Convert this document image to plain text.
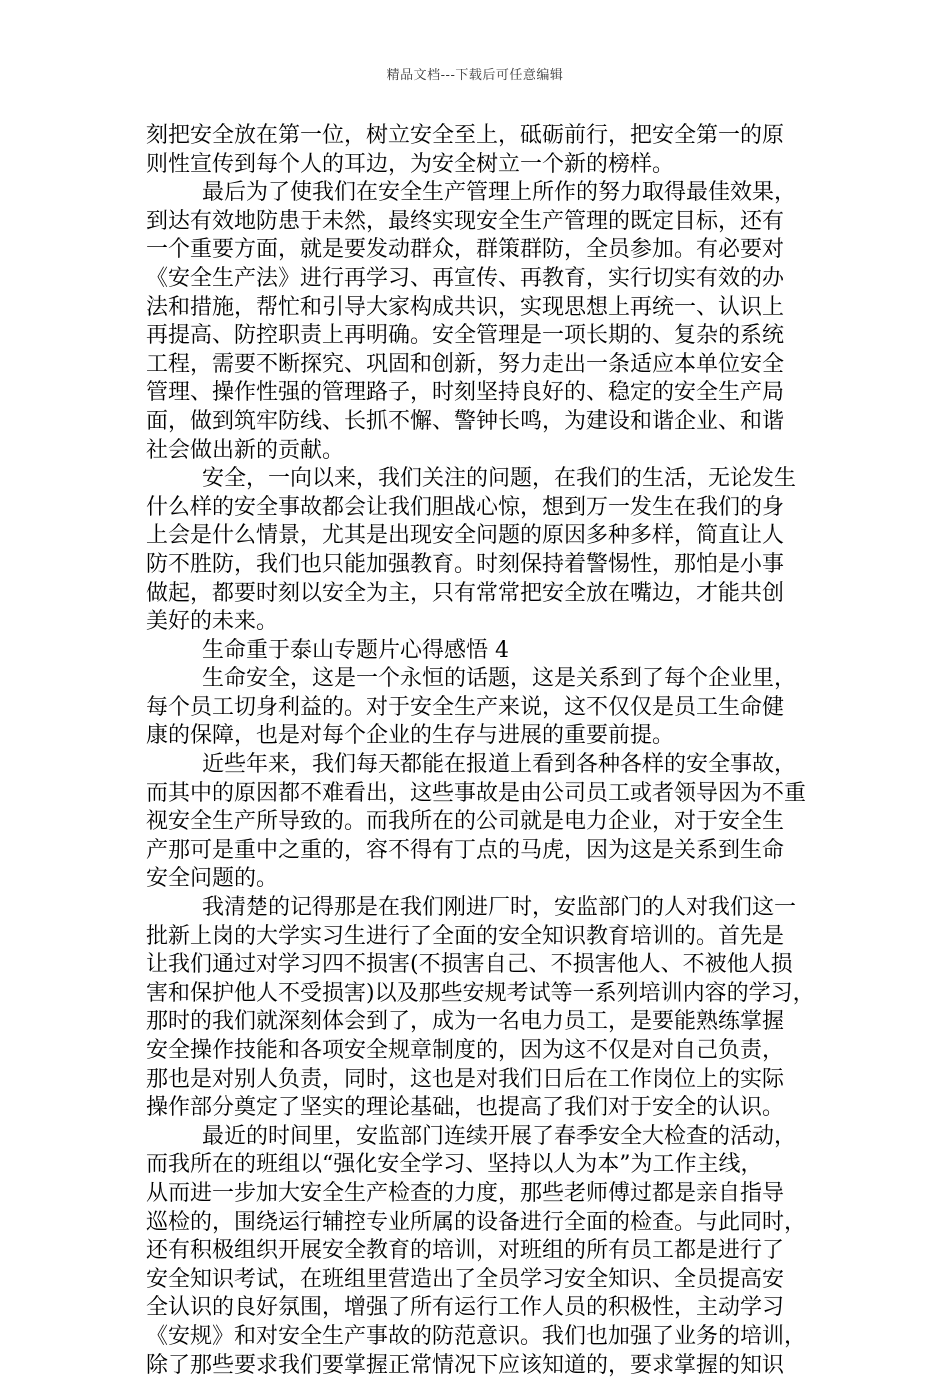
精品文档---下载后可任意编辑
刻把安全放在第一位，树立安全至上，砥砺前行，把安全第一的原
则性宣传到每个人的耳边，为安全树立一个新的榜样。
最后为了使我们在安全生产管理上所作的努力取得最佳效果，
到达有效地防患于未然，最终实现安全生产管理的既定目标，还有
一个重要方面，就是要发动群众，群策群防，全员参加。有必要对
《安全生产法》进行再学习、再宣传、再教育，实行切实有效的办
法和措施，帮忙和引导大家构成共识，实现思想上再统一、认识上
再提高、防控职责上再明确。安全管理是一项长期的、复杂的系统
工程，需要不断探究、巩固和创新，努力走出一条适应本单位安全
管理、操作性强的管理路子，时刻坚持良好的、稳定的安全生产局
面，做到筑牢防线、长抓不懈、警钟长鸣，为建设和谐企业、和谐
社会做出新的贡献。
安全，一向以来，我们关注的问题，在我们的生活，无论发生
什么样的安全事故都会让我们胆战心惊，想到万一发生在我们的身
上会是什么情景，尤其是出现安全问题的原因多种多样，简直让人
防不胜防，我们也只能加强教育。时刻保持着警惕性，那怕是小事
做起，都要时刻以安全为主，只有常常把安全放在嘴边，才能共创
美好的未来。
生命重于泰山专题片心得感悟 4
生命安全，这是一个永恒的话题，这是关系到了每个企业里，
每个员工切身利益的。对于安全生产来说，这不仅仅是员工生命健
康的保障，也是对每个企业的生存与进展的重要前提。
近些年来，我们每天都能在报道上看到各种各样的安全事故，
而其中的原因都不难看出，这些事故是由公司员工或者领导因为不重
视安全生产所导致的。而我所在的公司就是电力企业，对于安全生
产那可是重中之重的，容不得有丁点的马虎，因为这是关系到生命
安全问题的。
我清楚的记得那是在我们刚进厂时，安监部门的人对我们这一
批新上岗的大学实习生进行了全面的安全知识教育培训的。首先是
让我们通过对学习四不损害(不损害自己、不损害他人、不被他人损
害和保护他人不受损害)以及那些安规考试等一系列培训内容的学习，
那时的我们就深刻体会到了，成为一名电力员工，是要能熟练掌握
安全操作技能和各项安全规章制度的，因为这不仅是对自己负责，
那也是对别人负责，同时，这也是对我们日后在工作岗位上的实际
操作部分奠定了坚实的理论基础，也提高了我们对于安全的认识。
最近的时间里，安监部门连续开展了春季安全大检查的活动，
而我所在的班组以“强化安全学习、坚持以人为本”为工作主线，
从而进一步加大安全生产检查的力度，那些老师傅过都是亲自指导
巡检的，围绕运行辅控专业所属的设备进行全面的检查。与此同时，
还有积极组织开展安全教育的培训，对班组的所有员工都是进行了
安全知识考试，在班组里营造出了全员学习安全知识、全员提高安
全认识的良好氛围，增强了所有运行工作人员的积极性，主动学习
《安规》和对安全生产事故的防范意识。我们也加强了业务的培训，
除了那些要求我们要掌握正常情况下应该知道的，要求掌握的知识
